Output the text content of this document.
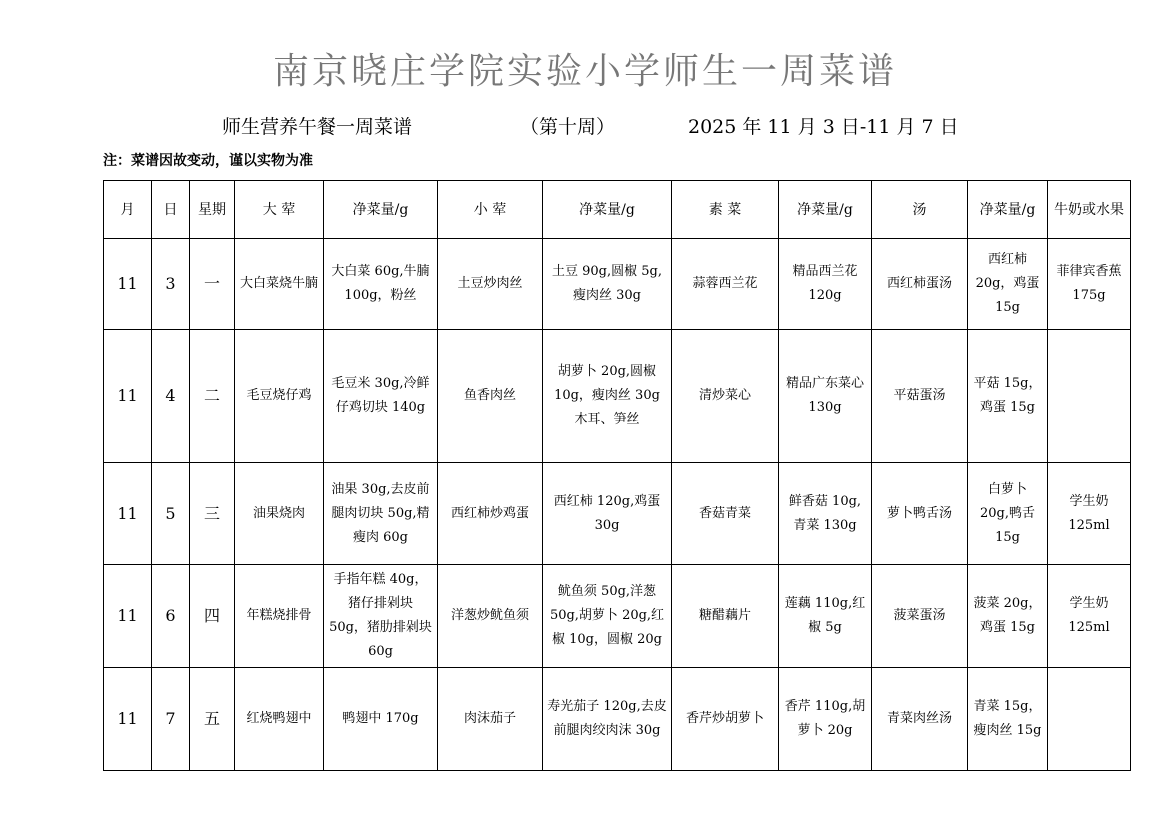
南京晓庄学院实验小学师生一周菜谱
师生营养午餐一周菜谱	（第十周）	2025 年 11 月 3 日-11 月 7 日
注：菜谱因故变动，谨以实物为准
月	日	星期	大 荤	净菜量/g	小 荤	净菜量/g	素 菜	净菜量/g	汤	净菜量/g	牛奶或水果
11	3	一	大白菜烧牛腩	大白菜 60g,牛腩 100g，粉丝	土豆炒肉丝	土豆 90g,圆椒 5g,瘦肉丝 30g	蒜蓉西兰花	精品西兰花 120g	西红柿蛋汤	西红柿 20g，鸡蛋 15g	菲律宾香蕉 175g
11	4	二	毛豆烧仔鸡	毛豆米 30g,冷鲜仔鸡切块 140g	鱼香肉丝	胡萝卜 20g,圆椒 10g，瘦肉丝 30g 木耳、笋丝	清炒菜心	精品广东菜心 130g	平菇蛋汤	平菇 15g，鸡蛋 15g	
11	5	三	油果烧肉	油果 30g,去皮前腿肉切块 50g,精瘦肉 60g	西红柿炒鸡蛋	西红柿 120g,鸡蛋 30g	香菇青菜	鲜香菇 10g,青菜 130g	萝卜鸭舌汤	白萝卜 20g,鸭舌 15g	学生奶 125ml
11	6	四	年糕烧排骨	手指年糕 40g，猪仔排剁块 50g，猪肋排剁块 60g	洋葱炒鱿鱼须	鱿鱼须 50g,洋葱 50g,胡萝卜 20g,红椒 10g，圆椒 20g	糖醋藕片	莲藕 110g,红椒 5g	菠菜蛋汤	菠菜 20g，鸡蛋 15g	学生奶 125ml
11	7	五	红烧鸭翅中	鸭翅中 170g	肉沫茄子	寿光茄子 120g,去皮前腿肉绞肉沫 30g	香芹炒胡萝卜	香芹 110g,胡萝卜 20g	青菜肉丝汤	青菜 15g，瘦肉丝 15g	
